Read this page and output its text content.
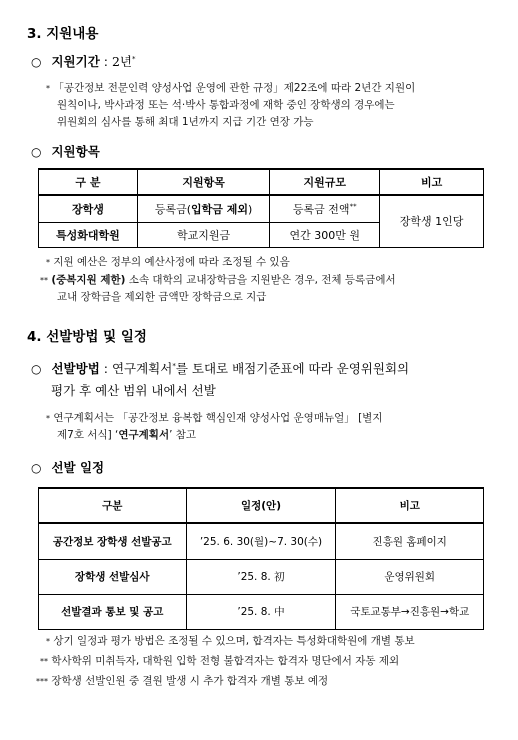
3. 지원내용
○ 지원기간 : 2년*
* 「공간정보 전문인력 양성사업 운영에 관한 규정」제22조에 따라 2년간 지원이
원칙이나, 박사과정 또는 석·박사 통합과정에 재학 중인 장학생의 경우에는
위원회의 심사를 통해 최대 1년까지 지급 기간 연장 가능
○ 지원항목
구 분	지원항목	지원규모	비고
장학생	등록금(입학금 제외)	등록금 전액**	장학생 1인당
특성화대학원	학교지원금	연간 300만 원	
* 지원 예산은 정부의 예산사정에 따라 조정될 수 있음
** (중복지원 제한) 소속 대학의 교내장학금을 지원받은 경우, 전체 등록금에서
교내 장학금을 제외한 금액만 장학금으로 지급
4. 선발방법 및 일정
○ 선발방법 : 연구계획서*를 토대로 배점기준표에 따라 운영위원회의
평가 후 예산 범위 내에서 선발
* 연구계획서는 「공간정보 융복합 핵심인재 양성사업 운영매뉴얼」 [별지
제7호 서식] ‘연구계획서’ 참고
○ 선발 일정
구분	일정(안)	비고
공간정보 장학생 선발공고	’25. 6. 30(월)~7. 30(수)	진흥원 홈페이지
장학생 선발심사	’25. 8. 初	운영위원회
선발결과 통보 및 공고	’25. 8. 中	국토교통부→진흥원→학교
* 상기 일정과 평가 방법은 조정될 수 있으며, 합격자는 특성화대학원에 개별 통보
** 학사학위 미취득자, 대학원 입학 전형 불합격자는 합격자 명단에서 자동 제외
*** 장학생 선발인원 중 결원 발생 시 추가 합격자 개별 통보 예정
